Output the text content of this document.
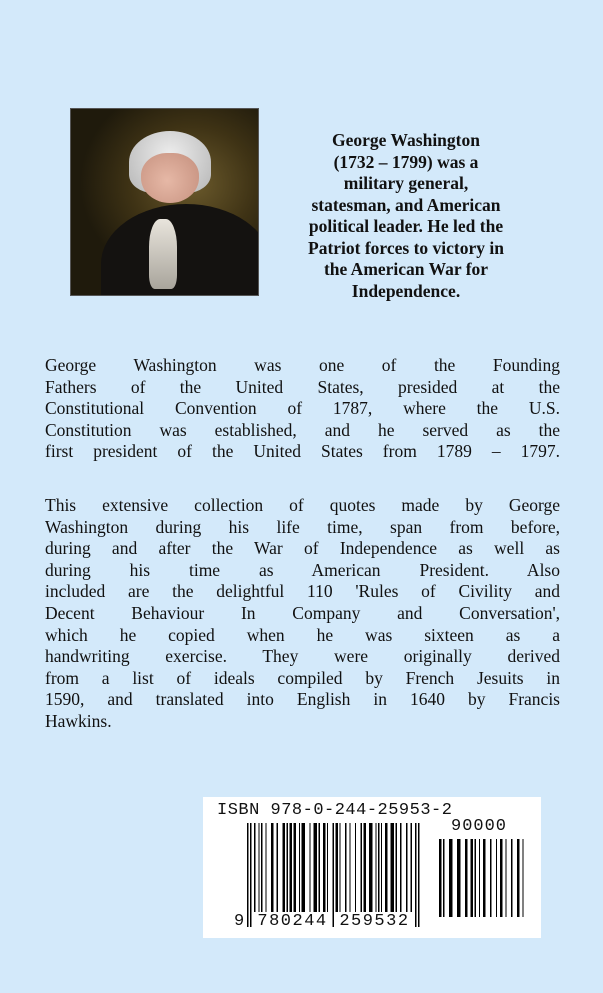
George Washington
(1732 – 1799) was a
military general,
statesman, and American
political leader. He led the
Patriot forces to victory in
the American War for
Independence.
George Washington was one of the Founding
Fathers of the United States, presided at the
Constitutional Convention of 1787, where the U.S.
Constitution was established, and he served as the
first president of the United States from 1789 – 1797.
This extensive collection of quotes made by George
Washington during his life time, span from before,
during and after the War of Independence as well as
during his time as American President. Also
included are the delightful 110 'Rules of Civility and
Decent Behaviour In Company and Conversation',
which he copied when he was sixteen as a
handwriting exercise. They were originally derived
from a list of ideals compiled by French Jesuits in
1590, and translated into English in 1640 by Francis
Hawkins.
ISBN 978-0-244-25953-2
90000
9 780244 259532
